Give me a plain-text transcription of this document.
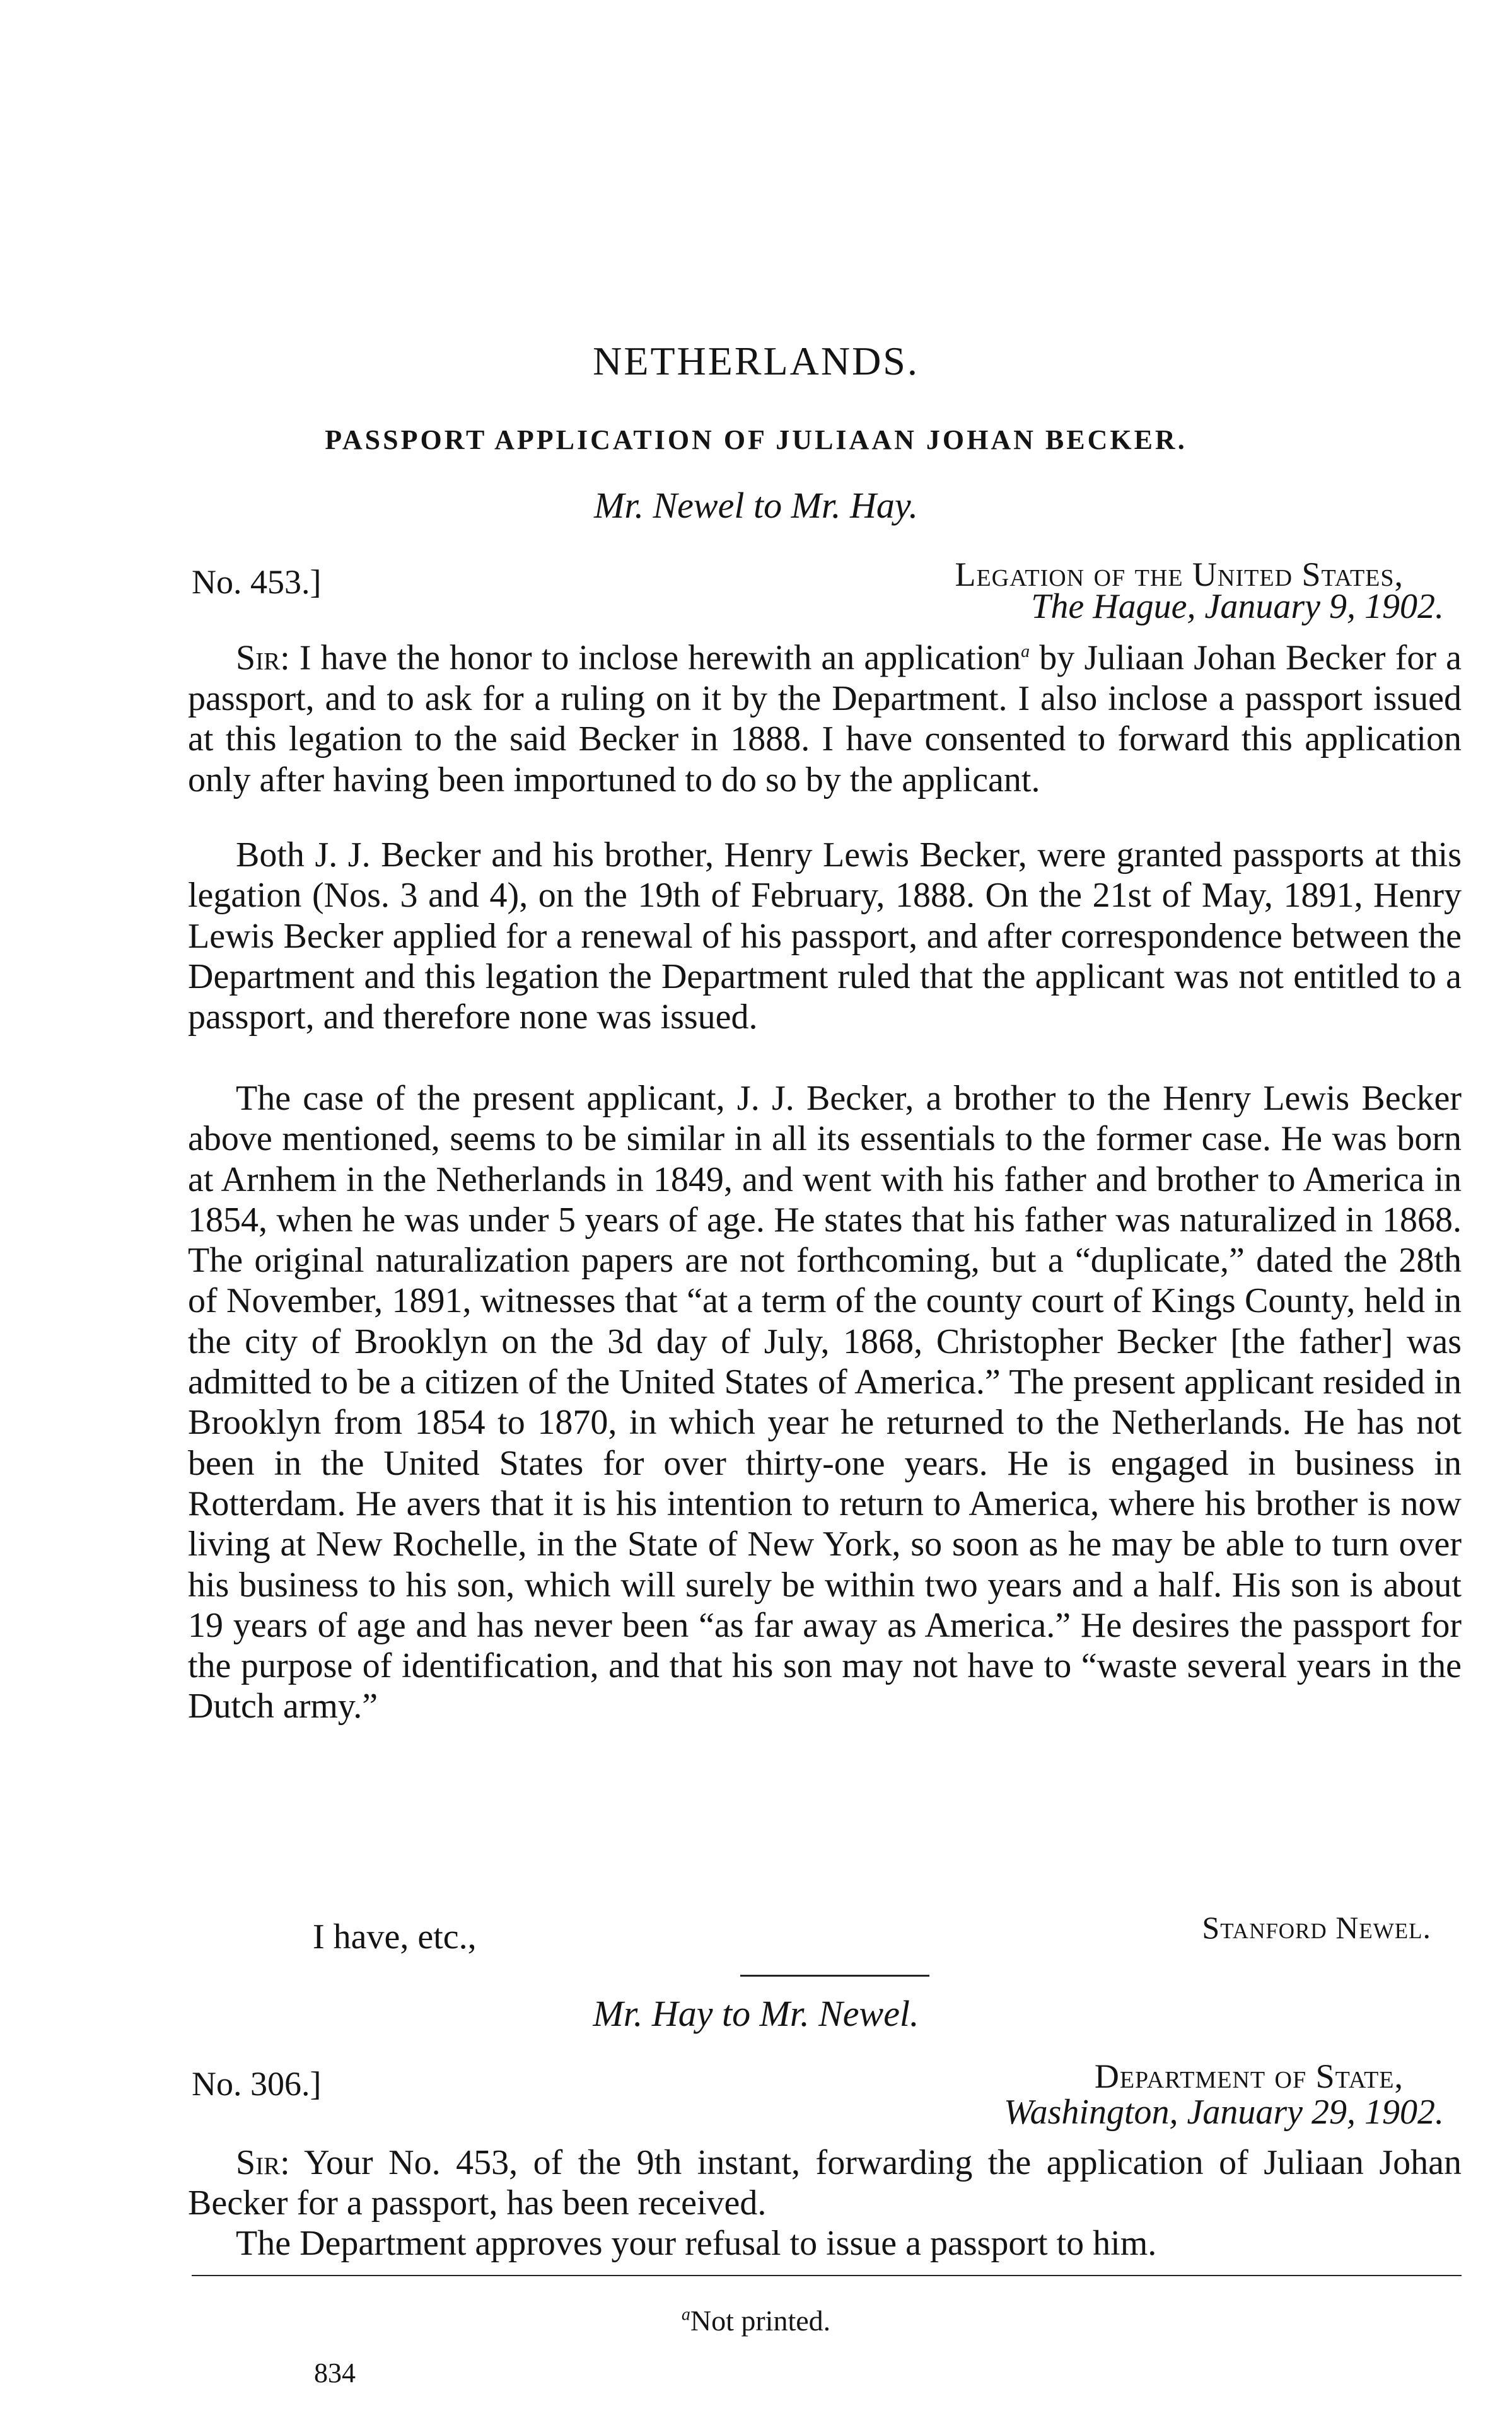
NETHERLANDS.
PASSPORT APPLICATION OF JULIAAN JOHAN BECKER.
Mr. Newel to Mr. Hay.
No. 453.]	Legation of the United States,
The Hague, January 9, 1902.
Sir: I have the honor to inclose herewith an application$^a$ by Juliaan Johan Becker for a passport, and to ask for a ruling on it by the Department. I also inclose a passport issued at this legation to the said Becker in 1888. I have consented to forward this application only after having been importuned to do so by the applicant.
Both J. J. Becker and his brother, Henry Lewis Becker, were granted passports at this legation (Nos. 3 and 4), on the 19th of February, 1888. On the 21st of May, 1891, Henry Lewis Becker applied for a renewal of his passport, and after correspondence between the Department and this legation the Department ruled that the applicant was not entitled to a passport, and therefore none was issued.
The case of the present applicant, J. J. Becker, a brother to the Henry Lewis Becker above mentioned, seems to be similar in all its essentials to the former case. He was born at Arnhem in the Netherlands in 1849, and went with his father and brother to America in 1854, when he was under 5 years of age. He states that his father was naturalized in 1868. The original naturalization papers are not forthcoming, but a “duplicate,” dated the 28th of November, 1891, witnesses that “at a term of the county court of Kings County, held in the city of Brooklyn on the 3d day of July, 1868, Christopher Becker [the father] was admitted to be a citizen of the United States of America.” The present applicant resided in Brooklyn from 1854 to 1870, in which year he returned to the Netherlands. He has not been in the United States for over thirty-one years. He is engaged in business in Rotterdam. He avers that it is his intention to return to America, where his brother is now living at New Rochelle, in the State of New York, so soon as he may be able to turn over his business to his son, which will surely be within two years and a half. His son is about 19 years of age and has never been “as far away as America.” He desires the passport for the purpose of identification, and that his son may not have to “waste several years in the Dutch army.”
I have, etc.,	Stanford Newel.
Mr. Hay to Mr. Newel.
No. 306.]	Department of State,
Washington, January 29, 1902.
Sir: Your No. 453, of the 9th instant, forwarding the application of Juliaan Johan Becker for a passport, has been received.
The Department approves your refusal to issue a passport to him.
$^a$Not printed.
834
